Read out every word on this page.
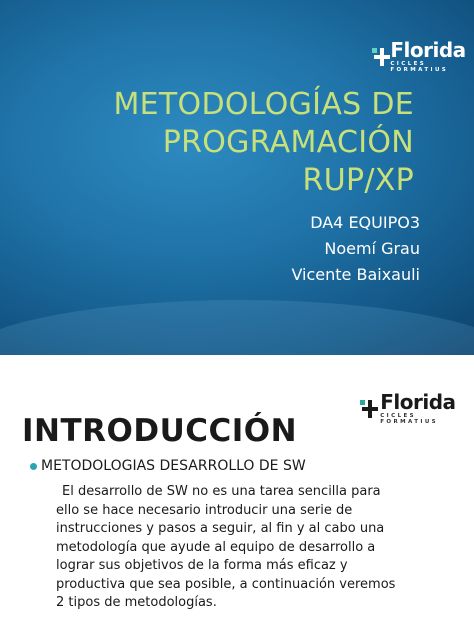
Florida
CICLES FORMATIUS
METODOLOGÍAS DE
PROGRAMACIÓN
RUP/XP
DA4 EQUIPO3
Noemí Grau
Vicente Baixauli
Florida
CICLES FORMATIUS
INTRODUCCIÓN
METODOLOGIAS DESARROLLO DE SW
El desarrollo de SW no es una tarea sencilla para
ello se hace necesario introducir una serie de
instrucciones y pasos a seguir, al fin y al cabo una
metodología que ayude al equipo de desarrollo a
lograr sus objetivos de la forma más eficaz y
productiva que sea posible, a continuación veremos
2 tipos de metodologías.
